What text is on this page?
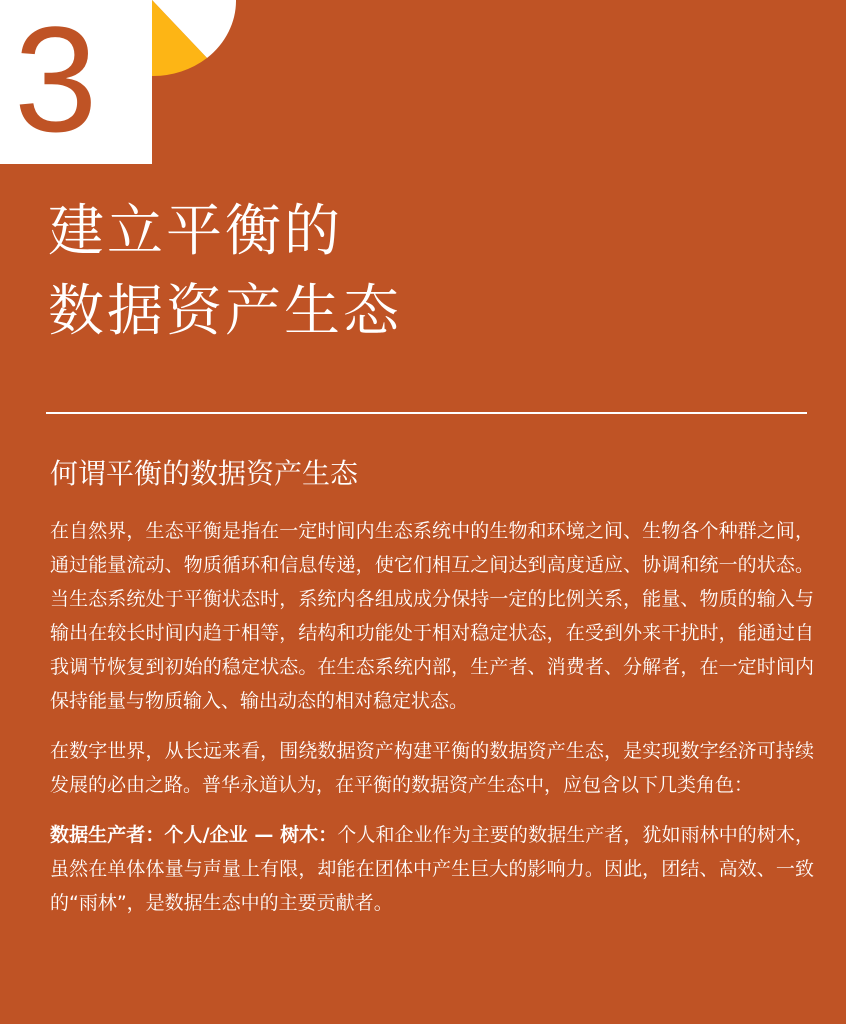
3
建立平衡的
数据资产生态
何谓平衡的数据资产生态

在自然界，生态平衡是指在一定时间内生态系统中的生物和环境之间、生物各个种群之间，通过能量流动、物质循环和信息传递，使它们相互之间达到高度适应、协调和统一的状态。当生态系统处于平衡状态时，系统内各组成成分保持一定的比例关系，能量、物质的输入与输出在较长时间内趋于相等，结构和功能处于相对稳定状态，在受到外来干扰时，能通过自我调节恢复到初始的稳定状态。在生态系统内部，生产者、消费者、分解者，在一定时间内保持能量与物质输入、输出动态的相对稳定状态。

在数字世界，从长远来看，围绕数据资产构建平衡的数据资产生态，是实现数字经济可持续发展的必由之路。普华永道认为，在平衡的数据资产生态中，应包含以下几类角色：

数据生产者：个人/企业 — 树木：个人和企业作为主要的数据生产者，犹如雨林中的树木，虽然在单体体量与声量上有限，却能在团体中产生巨大的影响力。因此，团结、高效、一致的“雨林”，是数据生态中的主要贡献者。
